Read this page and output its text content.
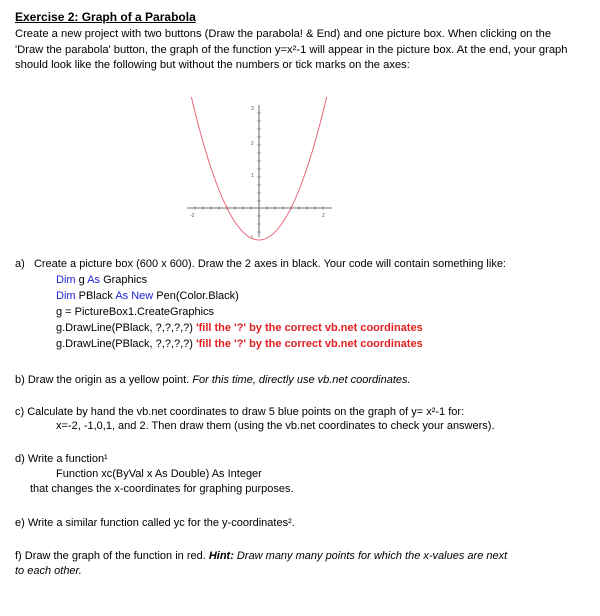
Exercise 2: Graph of a Parabola
Create a new project with two buttons (Draw the parabola! & End) and one picture box. When clicking on the 'Draw the parabola' button, the graph of the function y=x²-1 will appear in the picture box. At the end, your graph should look like the following but without the numbers or tick marks on the axes:
-2	2
3
2
1
-1
a) Create a picture box (600 x 600). Draw the 2 axes in black. Your code will contain something like:
Dim g As Graphics
Dim PBlack As New Pen(Color.Black)
g = PictureBox1.CreateGraphics
g.DrawLine(PBlack, ?,?,?,?) 'fill the '?' by the correct vb.net coordinates
g.DrawLine(PBlack, ?,?,?,?) 'fill the '?' by the correct vb.net coordinates
b) Draw the origin as a yellow point. For this time, directly use vb.net coordinates.
c) Calculate by hand the vb.net coordinates to draw 5 blue points on the graph of y= x²-1 for:
x=-2, -1,0,1, and 2. Then draw them (using the vb.net coordinates to check your answers).
d) Write a function¹
Function xc(ByVal x As Double) As Integer
that changes the x-coordinates for graphing purposes.
e) Write a similar function called yc for the y-coordinates².
f) Draw the graph of the function in red. Hint: Draw many many points for which the x-values are next
to each other.
